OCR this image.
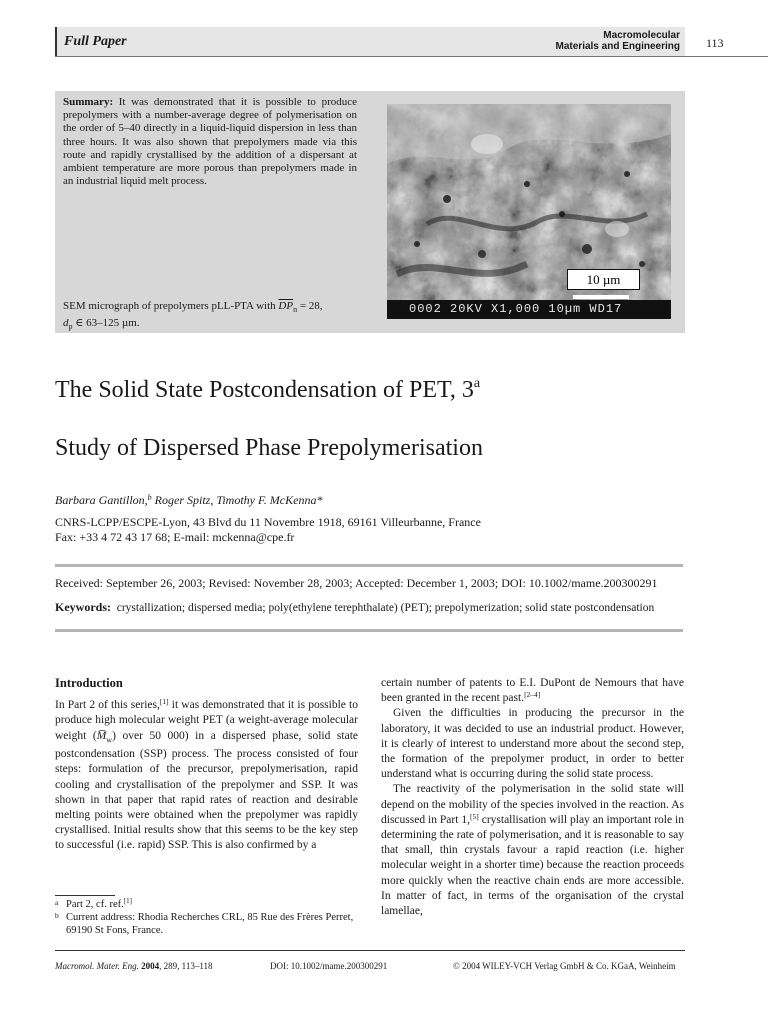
Full Paper	Macromolecular
Materials and Engineering 113
Summary: It was demonstrated that it is possible to produce prepolymers with a number-average degree of polymerisation on the order of 5–40 directly in a liquid-liquid dispersion in less than three hours. It was also shown that prepolymers made via this route and rapidly crystallised by the addition of a dispersant at ambient temperature are more porous than prepolymers made in an industrial liquid melt process.
SEM micrograph of prepolymers pLL-PTA with $\overline{DP}_n = 28$,
$d_p$ ∈ 63–125 µm.
10 µm
0002 20KV X1,000 10µm WD17
The Solid State Postcondensation of PET, 3$^a$
Study of Dispersed Phase Prepolymerisation
Barbara Gantillon,$^b$ Roger Spitz, Timothy F. McKenna*
CNRS-LCPP/ESCPE-Lyon, 43 Blvd du 11 Novembre 1918, 69161 Villeurbanne, France
Fax: +33 4 72 43 17 68; E-mail: mckenna@cpe.fr
Received: September 26, 2003; Revised: November 28, 2003; Accepted: December 1, 2003; DOI: 10.1002/mame.200300291
Keywords: crystallization; dispersed media; poly(ethylene terephthalate) (PET); prepolymerization; solid state postcondensation
Introduction

In Part 2 of this series,[1] it was demonstrated that it is possible to produce high molecular weight PET (a weight-average molecular weight $(M̅_w)$ over 50 000) in a dispersed phase, solid state postcondensation (SSP) process. The process consisted of four steps: formulation of the precursor, prepolymerisation, rapid cooling and crystallisation of the prepolymer and SSP. It was shown in that paper that rapid rates of reaction and desirable melting points were obtained when the prepolymer was rapidly crystallised. Initial results show that this seems to be the key step to successful (i.e. rapid) SSP. This is also confirmed by a

certain number of patents to E.I. DuPont de Nemours that have been granted in the recent past.[2–4]

Given the difficulties in producing the precursor in the laboratory, it was decided to use an industrial product. However, it is clearly of interest to understand more about the second step, the formation of the prepolymer product, in order to better understand what is occurring during the solid state process.

The reactivity of the polymerisation in the solid state will depend on the mobility of the species involved in the reaction. As discussed in Part 1,[5] crystallisation will play an important role in determining the rate of polymerisation, and it is reasonable to say that small, thin crystals favour a rapid reaction (i.e. higher molecular weight in a shorter time) because the reaction proceeds more quickly when the reactive chain ends are more accessible. In matter of fact, in terms of the organisation of the crystal lamellae,

a Part 2, cf. ref.[1]
b Current address: Rhodia Recherches CRL, 85 Rue des Frères Perret, 69190 St Fons, France.
Macromol. Mater. Eng. 2004, 289, 113–118	DOI: 10.1002/mame.200300291	© 2004 WILEY-VCH Verlag GmbH & Co. KGaA, Weinheim
